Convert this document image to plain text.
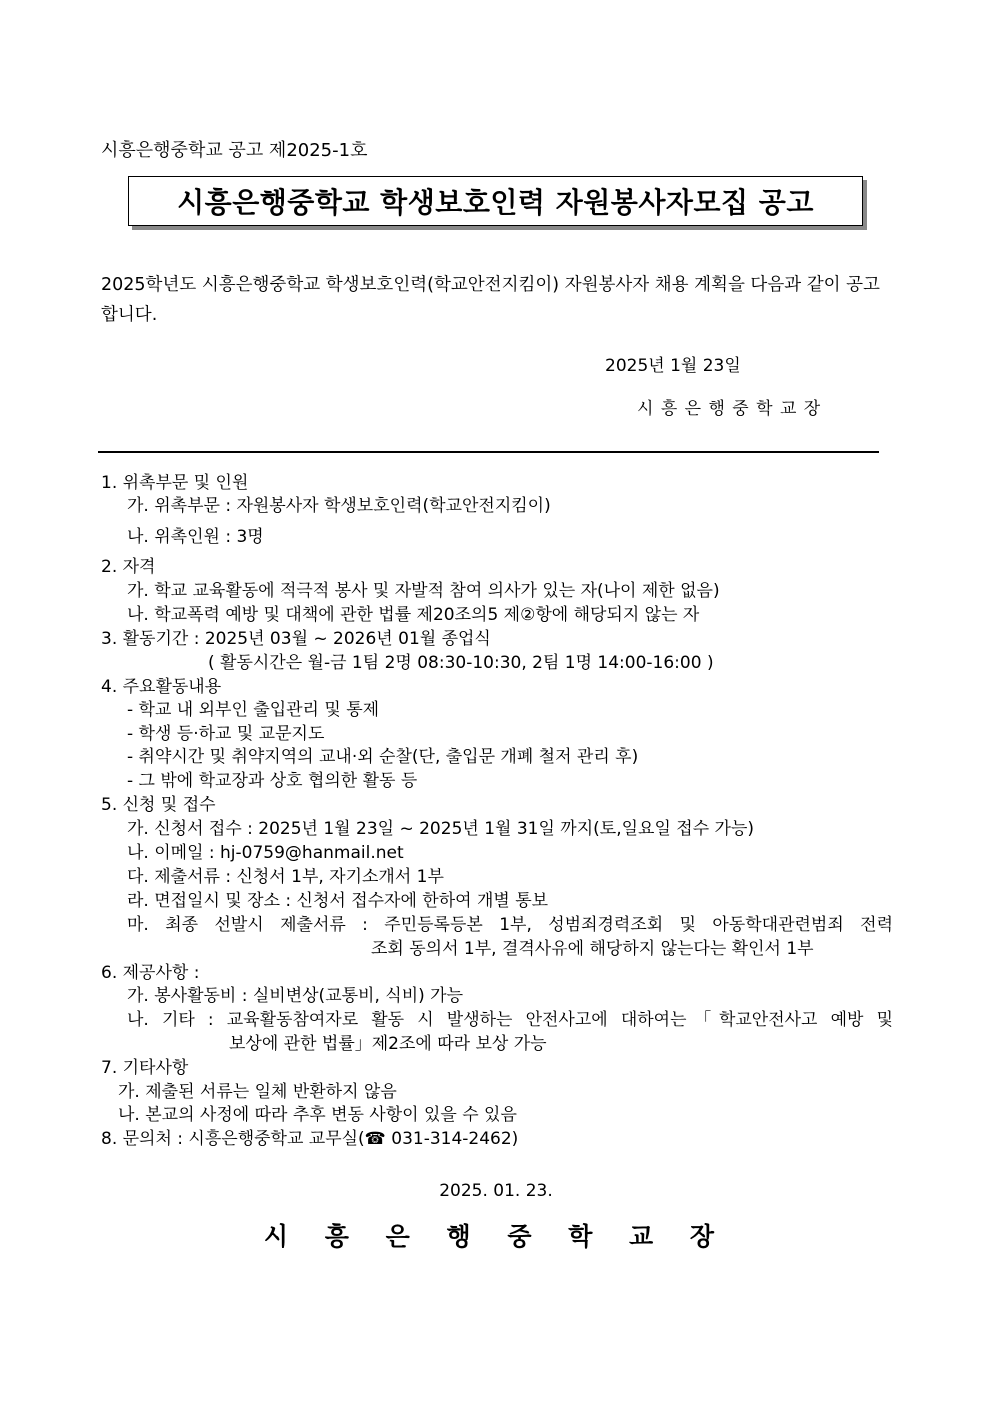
시흥은행중학교 공고 제2025-1호
시흥은행중학교 학생보호인력 자원봉사자모집 공고
2025학년도 시흥은행중학교 학생보호인력(학교안전지킴이) 자원봉사자 채용 계획을 다음과 같이 공고합니다.
2025년 1월 23일
시 흥 은 행 중 학 교 장
1. 위촉부문 및 인원
가. 위촉부문 : 자원봉사자 학생보호인력(학교안전지킴이)
나. 위촉인원 : 3명
2. 자격
가. 학교 교육활동에 적극적 봉사 및 자발적 참여 의사가 있는 자(나이 제한 없음)
나. 학교폭력 예방 및 대책에 관한 법률 제20조의5 제②항에 해당되지 않는 자
3. 활동기간 : 2025년 03월 ~ 2026년 01월 종업식
( 활동시간은 월-금 1팀 2명 08:30-10:30, 2팀 1명 14:00-16:00 )
4. 주요활동내용
- 학교 내 외부인 출입관리 및 통제
- 학생 등·하교 및 교문지도
- 취약시간 및 취약지역의 교내·외 순찰(단, 출입문 개폐 철저 관리 후)
- 그 밖에 학교장과 상호 협의한 활동 등
5. 신청 및 접수
가. 신청서 접수 : 2025년 1월 23일 ~ 2025년 1월 31일 까지(토,일요일 접수 가능)
나. 이메일 : hj-0759@hanmail.net
다. 제출서류 : 신청서 1부, 자기소개서 1부
라. 면접일시 및 장소 : 신청서 접수자에 한하여 개별 통보
마. 최종 선발시 제출서류 : 주민등록등본 1부, 성범죄경력조회 및 아동학대관련범죄 전력
조회 동의서 1부, 결격사유에 해당하지 않는다는 확인서 1부
6. 제공사항 :
가. 봉사활동비 : 실비변상(교통비, 식비) 가능
나. 기타 : 교육활동참여자로 활동 시 발생하는 안전사고에 대하여는「학교안전사고 예방 및
보상에 관한 법률」제2조에 따라 보상 가능
7. 기타사항
가. 제출된 서류는 일체 반환하지 않음
나. 본교의 사정에 따라 추후 변동 사항이 있을 수 있음
8. 문의처 : 시흥은행중학교 교무실(☎ 031-314-2462)
2025. 01. 23.
시 흥 은 행 중 학 교 장
